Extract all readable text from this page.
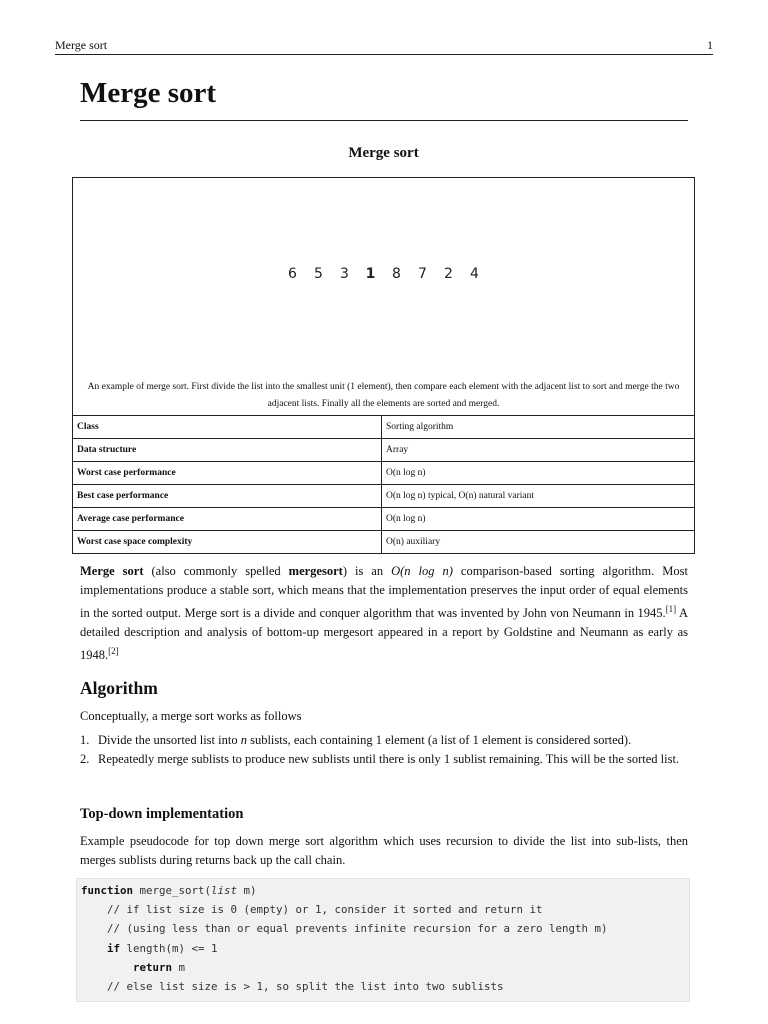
Merge sort	1
Merge sort
Merge sort
6 5 3 1 8 7 2 4
An example of merge sort. First divide the list into the smallest unit (1 element), then compare each element with the adjacent list to sort and merge the two adjacent lists. Finally all the elements are sorted and merged.
Class	Sorting algorithm
Data structure	Array
Worst case performance	O(n log n)
Best case performance	O(n log n) typical, O(n) natural variant
Average case performance	O(n log n)
Worst case space complexity	O(n) auxiliary

Merge sort (also commonly spelled mergesort) is an O(n log n) comparison-based sorting algorithm. Most implementations produce a stable sort, which means that the implementation preserves the input order of equal elements in the sorted output. Merge sort is a divide and conquer algorithm that was invented by John von Neumann in 1945.[1] A detailed description and analysis of bottom-up mergesort appeared in a report by Goldstine and Neumann as early as 1948.[2]

Algorithm

Conceptually, a merge sort works as follows

1. Divide the unsorted list into n sublists, each containing 1 element (a list of 1 element is considered sorted).
2. Repeatedly merge sublists to produce new sublists until there is only 1 sublist remaining. This will be the sorted list.
Top-down implementation

Example pseudocode for top down merge sort algorithm which uses recursion to divide the list into sub-lists, then merges sublists during returns back up the call chain.

function merge_sort(list m)
// if list size is 0 (empty) or 1, consider it sorted and return it
// (using less than or equal prevents infinite recursion for a zero length m)
if length(m) <= 1
return m
// else list size is > 1, so split the list into two sublists
